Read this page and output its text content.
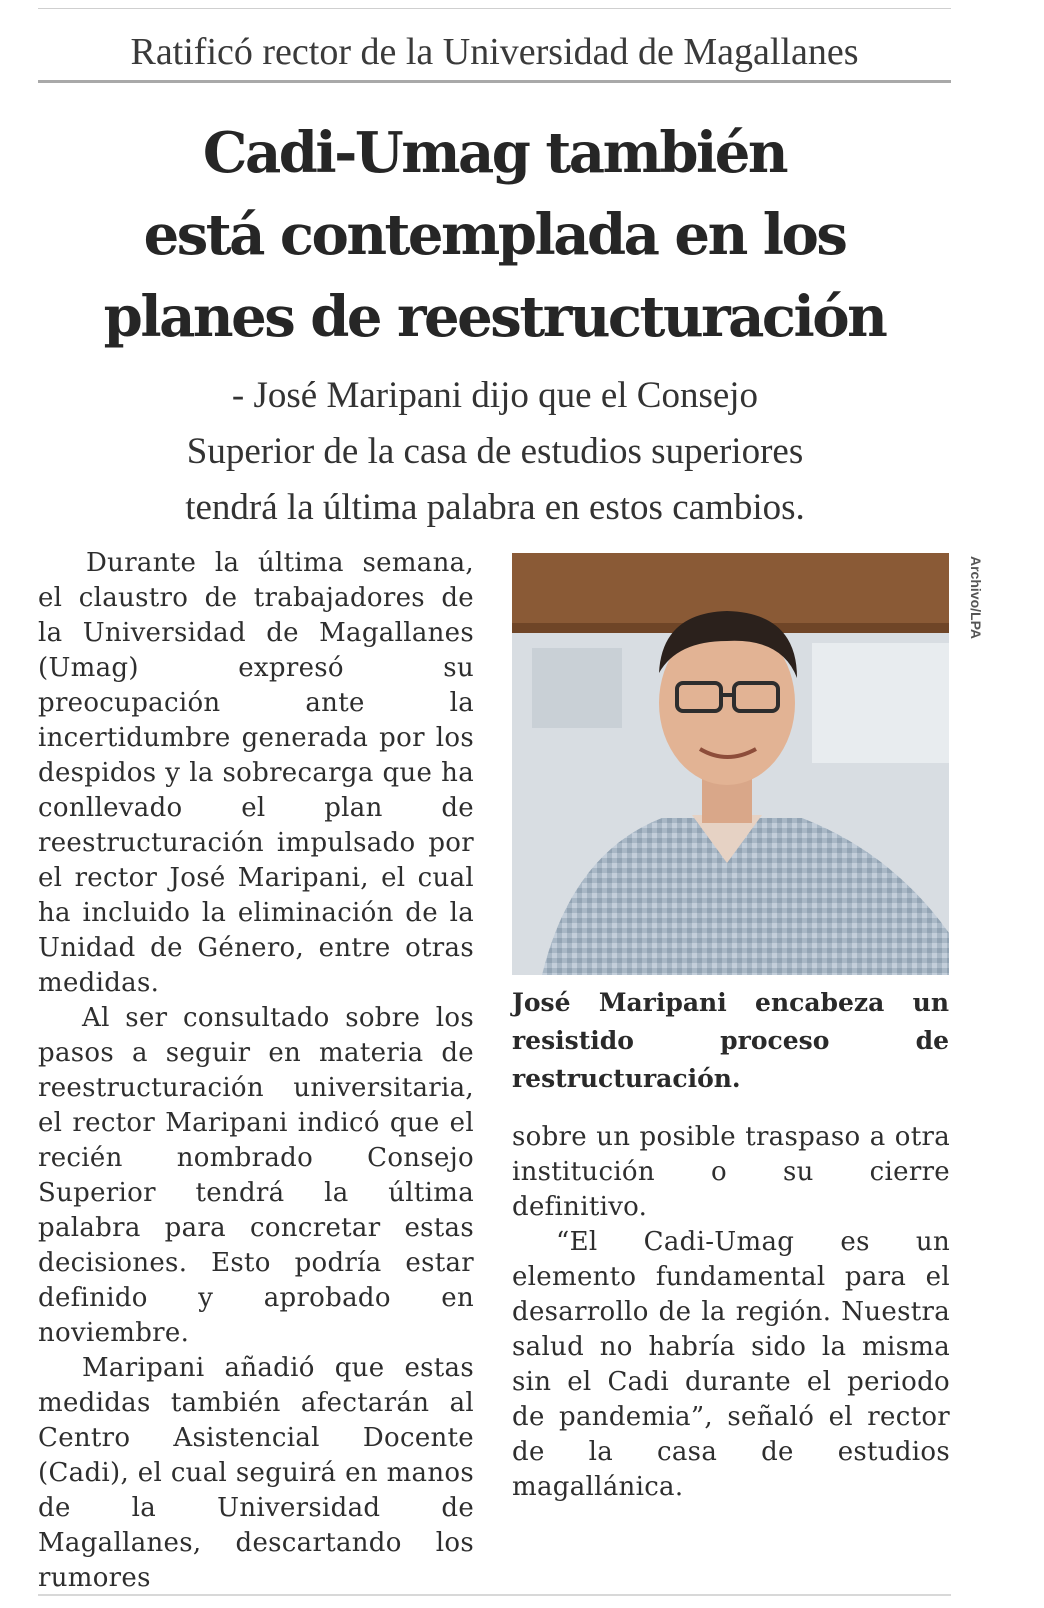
Ratificó rector de la Universidad de Magallanes
Cadi-Umag también
está contemplada en los
planes de reestructuración
- José Maripani dijo que el Consejo
Superior de la casa de estudios superiores
tendrá la última palabra en estos cambios.

Durante la última semana, el claustro de trabajadores de la Universidad de Magallanes (Umag) expresó su preocupación ante la incertidumbre generada por los despidos y la sobrecarga que ha conllevado el plan de reestructuración impulsado por el rector José Maripani, el cual ha incluido la eliminación de la Unidad de Género, entre otras medidas.

Al ser consultado sobre los pasos a seguir en materia de reestructuración universitaria, el rector Maripani indicó que el recién nombrado Consejo Superior tendrá la última palabra para concretar estas decisiones. Esto podría estar definido y aprobado en noviembre.

Maripani añadió que estas medidas también afectarán al Centro Asistencial Docente (Cadi), el cual seguirá en manos de la Universidad de Magallanes, descartando los rumores

Archivo/LPA
José Maripani encabeza un resistido proceso de restructuración.

sobre un posible traspaso a otra institución o su cierre definitivo.

“El Cadi-Umag es un elemento fundamental para el desarrollo de la región. Nuestra salud no habría sido la misma sin el Cadi durante el periodo de pandemia”, señaló el rector de la casa de estudios magallánica.
